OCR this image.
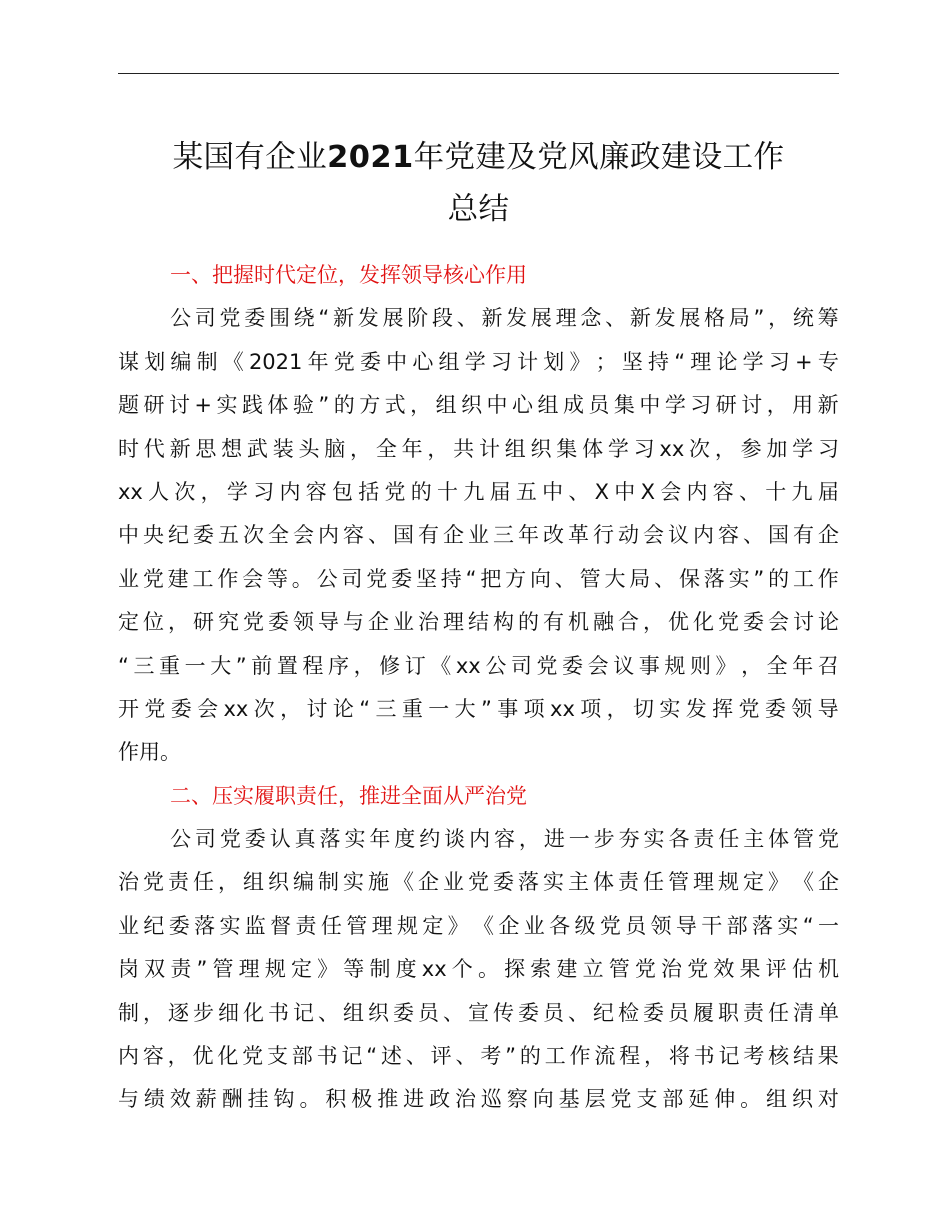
某国有企业2021年党建及党风廉政建设工作
总结
一、把握时代定位，发挥领导核心作用
公 司 党 委 围 绕 “ 新 发 展 阶 段 、 新 发 展 理 念 、 新 发 展 格 局 ” ， 统 筹
谋 划 编 制 《 2021 年 党 委 中 心 组 学 习 计 划 》 ； 坚 持 “ 理 论 学 习 + 专
题 研 讨 + 实 践 体 验 ” 的 方 式 ， 组 织 中 心 组 成 员 集 中 学 习 研 讨 ， 用 新
时 代 新 思 想 武 装 头 脑 ， 全 年 ， 共 计 组 织 集 体 学 习 xx 次 ， 参 加 学 习
xx 人 次 ， 学 习 内 容 包 括 党 的 十 九 届 五 中 、 X 中 X 会 内 容 、 十 九 届
中 央 纪 委 五 次 全 会 内 容 、 国 有 企 业 三 年 改 革 行 动 会 议 内 容 、 国 有 企
业 党 建 工 作 会 等 。 公 司 党 委 坚 持 “ 把 方 向 、 管 大 局 、 保 落 实 ” 的 工 作
定 位 ， 研 究 党 委 领 导 与 企 业 治 理 结 构 的 有 机 融 合 ， 优 化 党 委 会 讨 论
“ 三 重 一 大 ” 前 置 程 序 ， 修 订 《 xx 公 司 党 委 会 议 事 规 则 》 ， 全 年 召
开 党 委 会 xx 次 ， 讨 论 “ 三 重 一 大 ” 事 项 xx 项 ， 切 实 发 挥 党 委 领 导
作用。
二、压实履职责任，推进全面从严治党
公 司 党 委 认 真 落 实 年 度 约 谈 内 容 ， 进 一 步 夯 实 各 责 任 主 体 管 党
治 党 责 任 ， 组 织 编 制 实 施 《 企 业 党 委 落 实 主 体 责 任 管 理 规 定 》 《 企
业 纪 委 落 实 监 督 责 任 管 理 规 定 》 《 企 业 各 级 党 员 领 导 干 部 落 实 “ 一
岗 双 责 ” 管 理 规 定 》 等 制 度 xx 个 。 探 索 建 立 管 党 治 党 效 果 评 估 机
制 ， 逐 步 细 化 书 记 、 组 织 委 员 、 宣 传 委 员 、 纪 检 委 员 履 职 责 任 清 单
内 容 ， 优 化 党 支 部 书 记 “ 述 、 评 、 考 ” 的 工 作 流 程 ， 将 书 记 考 核 结 果
与 绩 效 薪 酬 挂 钩 。 积 极 推 进 政 治 巡 察 向 基 层 党 支 部 延 伸 。 组 织 对
